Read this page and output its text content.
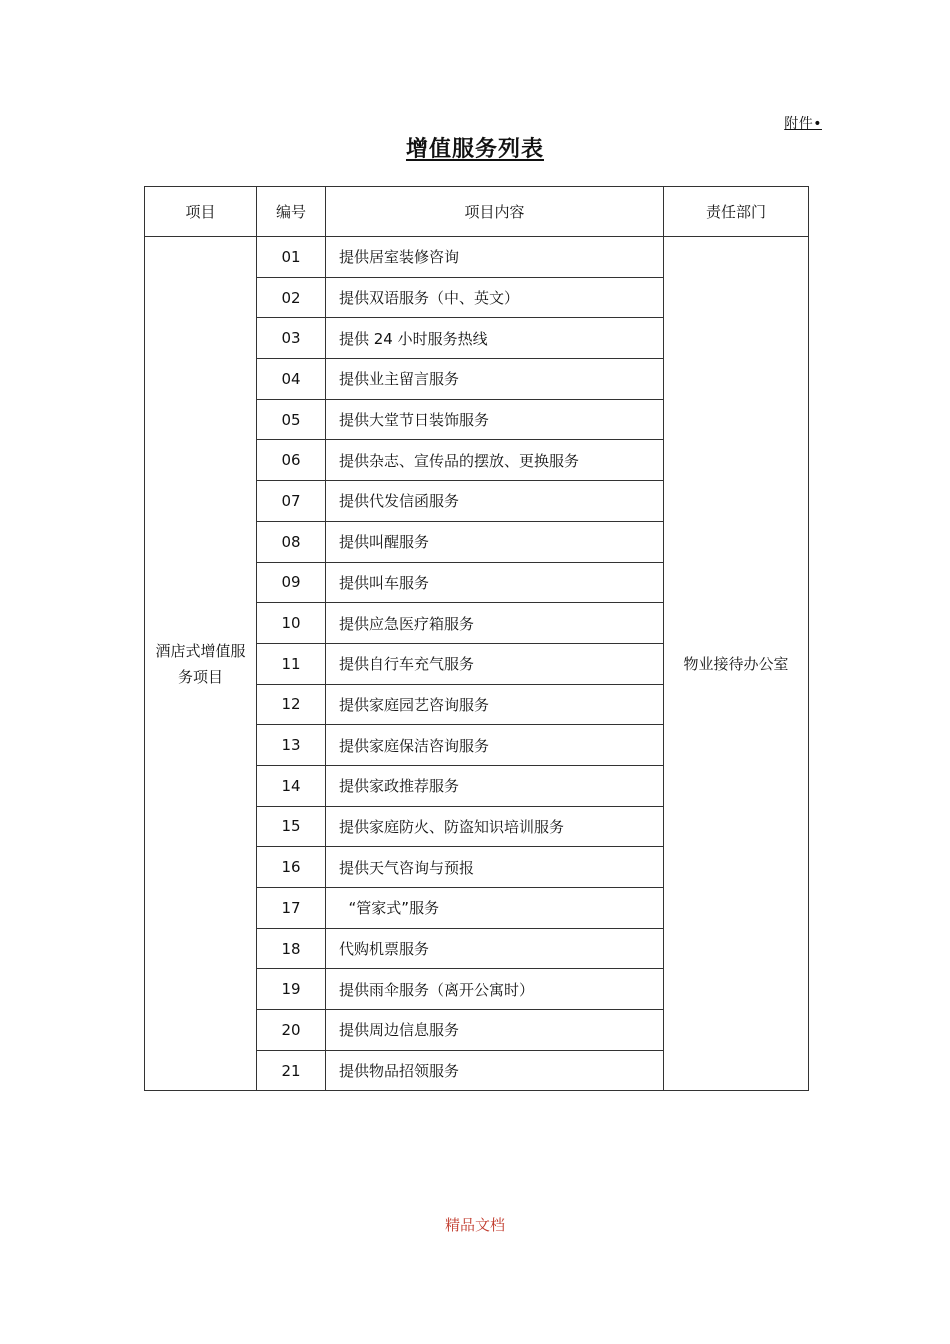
附件•
增值服务列表
项目	编号	项目内容	责任部门
酒店式增值服务项目	01	提供居室装修咨询	物业接待办公室
	02	提供双语服务（中、英文）	
	03	提供 24 小时服务热线	
	04	提供业主留言服务	
	05	提供大堂节日装饰服务	
	06	提供杂志、宣传品的摆放、更换服务	
	07	提供代发信函服务	
	08	提供叫醒服务	
	09	提供叫车服务	
	10	提供应急医疗箱服务	
	11	提供自行车充气服务	
	12	提供家庭园艺咨询服务	
	13	提供家庭保洁咨询服务	
	14	提供家政推荐服务	
	15	提供家庭防火、防盗知识培训服务	
	16	提供天气咨询与预报	
	17	“管家式”服务	
	18	代购机票服务	
	19	提供雨伞服务（离开公寓时）	
	20	提供周边信息服务	
	21	提供物品招领服务	
精品文档
